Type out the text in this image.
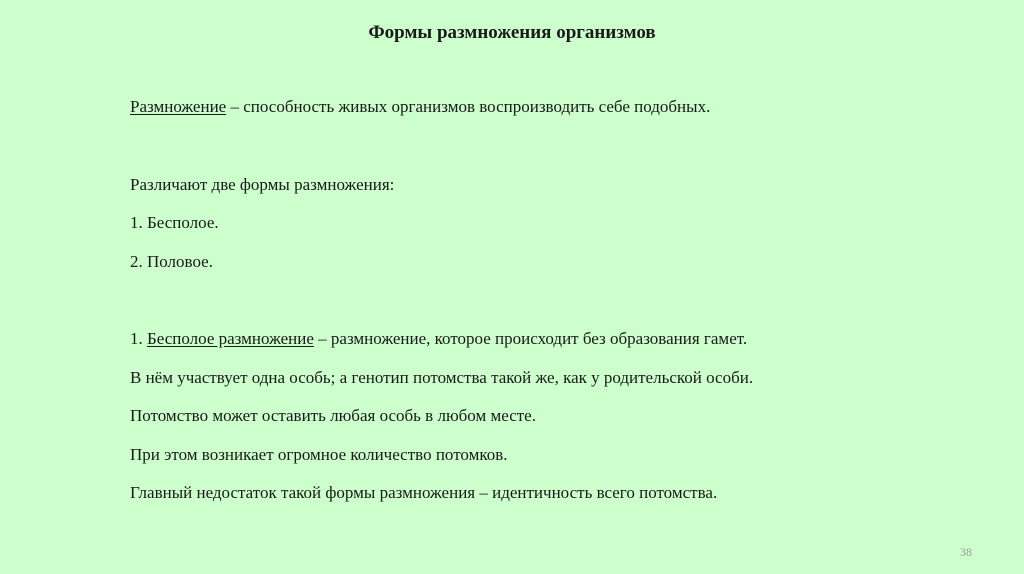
Формы размножения организмов
Размножение – способность живых организмов воспроизводить себе подобных.
Различают две формы размножения:
1. Бесполое.
2. Половое.
1. Бесполое размножение – размножение, которое происходит без образования гамет.
В нём участвует одна особь; а генотип потомства такой же, как у родительской особи.
Потомство может оставить любая особь в любом месте.
При этом возникает огромное количество потомков.
Главный недостаток такой формы размножения – идентичность всего потомства.
38
